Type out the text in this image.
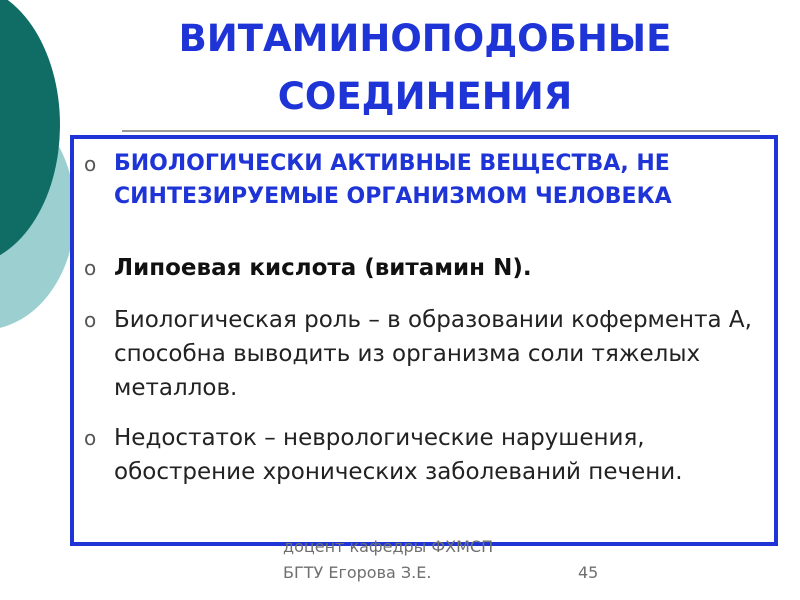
ВИТАМИНОПОДОБНЫЕ
СОЕДИНЕНИЯ
o БИОЛОГИЧЕСКИ АКТИВНЫЕ ВЕЩЕСТВА, НЕ СИНТЕЗИРУЕМЫЕ ОРГАНИЗМОМ ЧЕЛОВЕКА
o Липоевая кислота (витамин N).
o Биологическая роль – в образовании кофермента А, способна выводить из организма соли тяжелых металлов.
o Недостаток – неврологические нарушения, обострение хронических заболеваний печени.
доцент кафедры ФХМСП
БГТУ Егорова З.Е.	45
